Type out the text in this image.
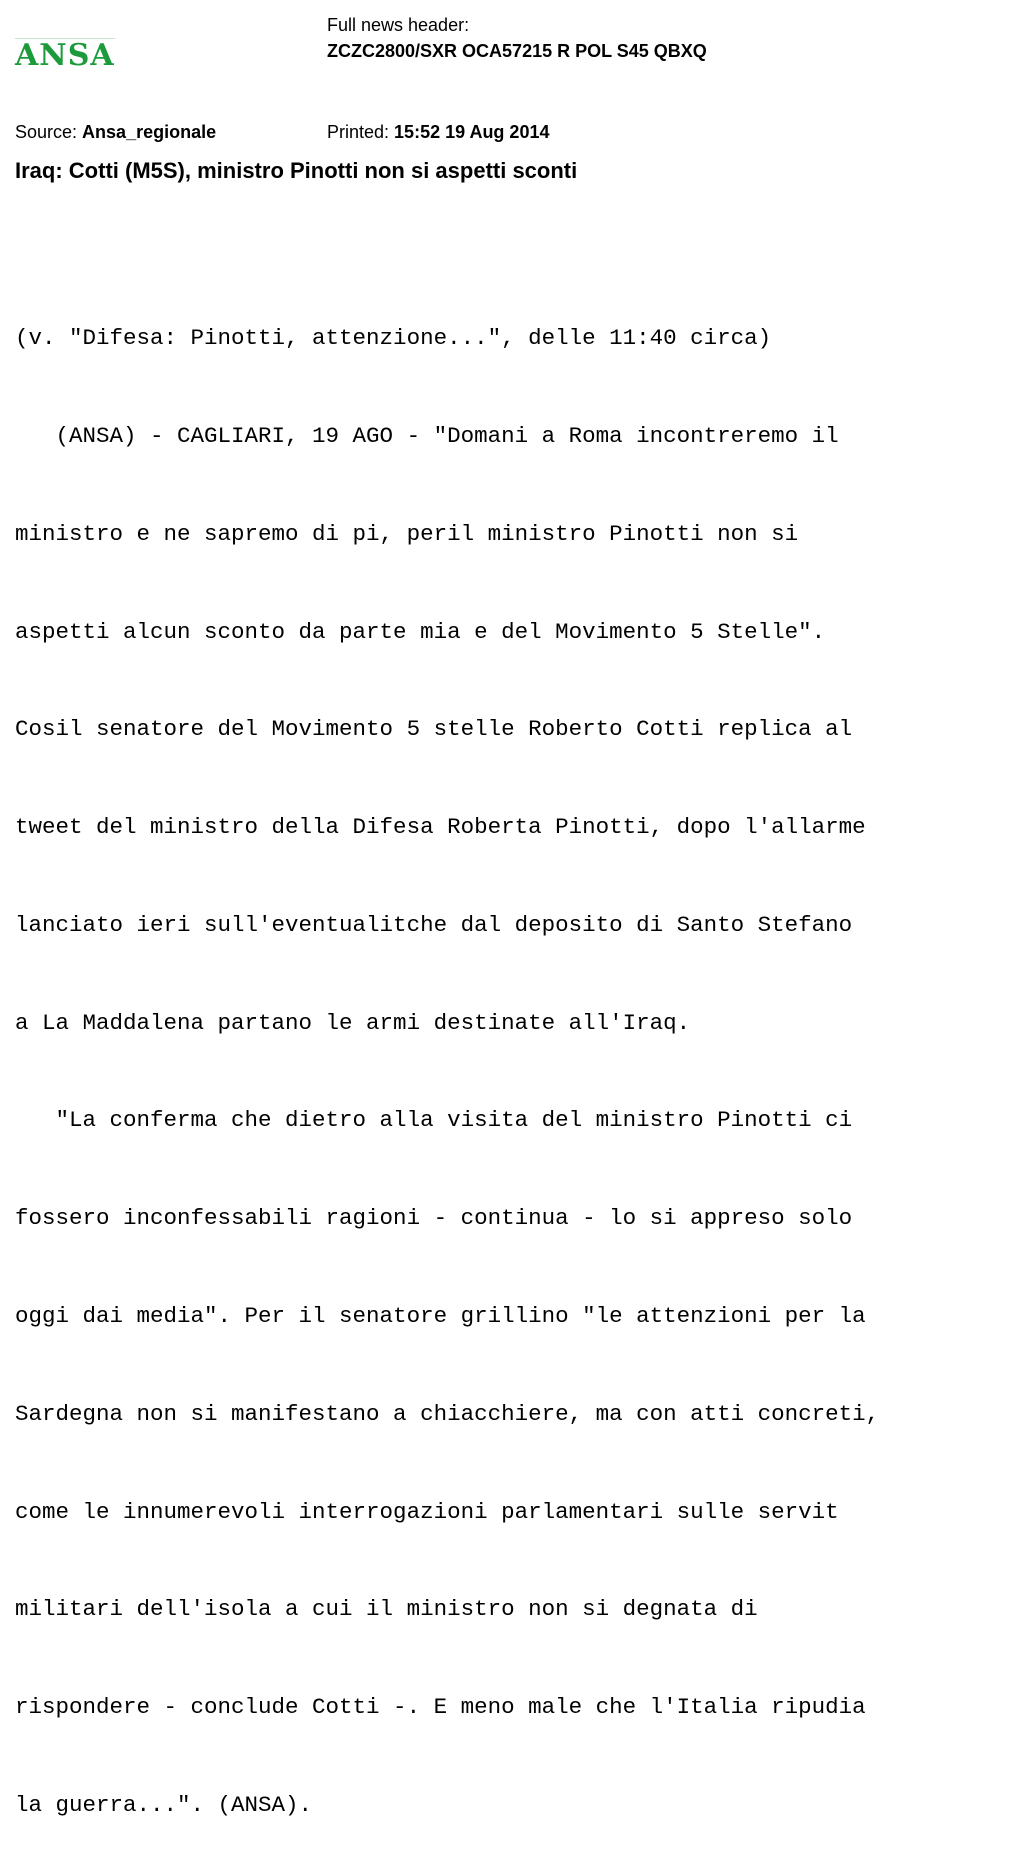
ANSA
Full news header:
ZCZC2800/SXR OCA57215 R POL S45 QBXQ
Source: Ansa_regionale	Printed: 15:52 19 Aug 2014
Iraq: Cotti (M5S), ministro Pinotti non si aspetti sconti

(v. "Difesa: Pinotti, attenzione...", delle 11:40 circa)

(ANSA) - CAGLIARI, 19 AGO - "Domani a Roma incontreremo il

ministro e ne sapremo di pi, peril ministro Pinotti non si

aspetti alcun sconto da parte mia e del Movimento 5 Stelle".

Cosil senatore del Movimento 5 stelle Roberto Cotti replica al

tweet del ministro della Difesa Roberta Pinotti, dopo l'allarme

lanciato ieri sull'eventualitche dal deposito di Santo Stefano

a La Maddalena partano le armi destinate all'Iraq.

"La conferma che dietro alla visita del ministro Pinotti ci

fossero inconfessabili ragioni - continua - lo si appreso solo

oggi dai media". Per il senatore grillino "le attenzioni per la

Sardegna non si manifestano a chiacchiere, ma con atti concreti,

come le innumerevoli interrogazioni parlamentari sulle servit

militari dell'isola a cui il ministro non si degnata di

rispondere - conclude Cotti -. E meno male che l'Italia ripudia

la guerra...". (ANSA).
